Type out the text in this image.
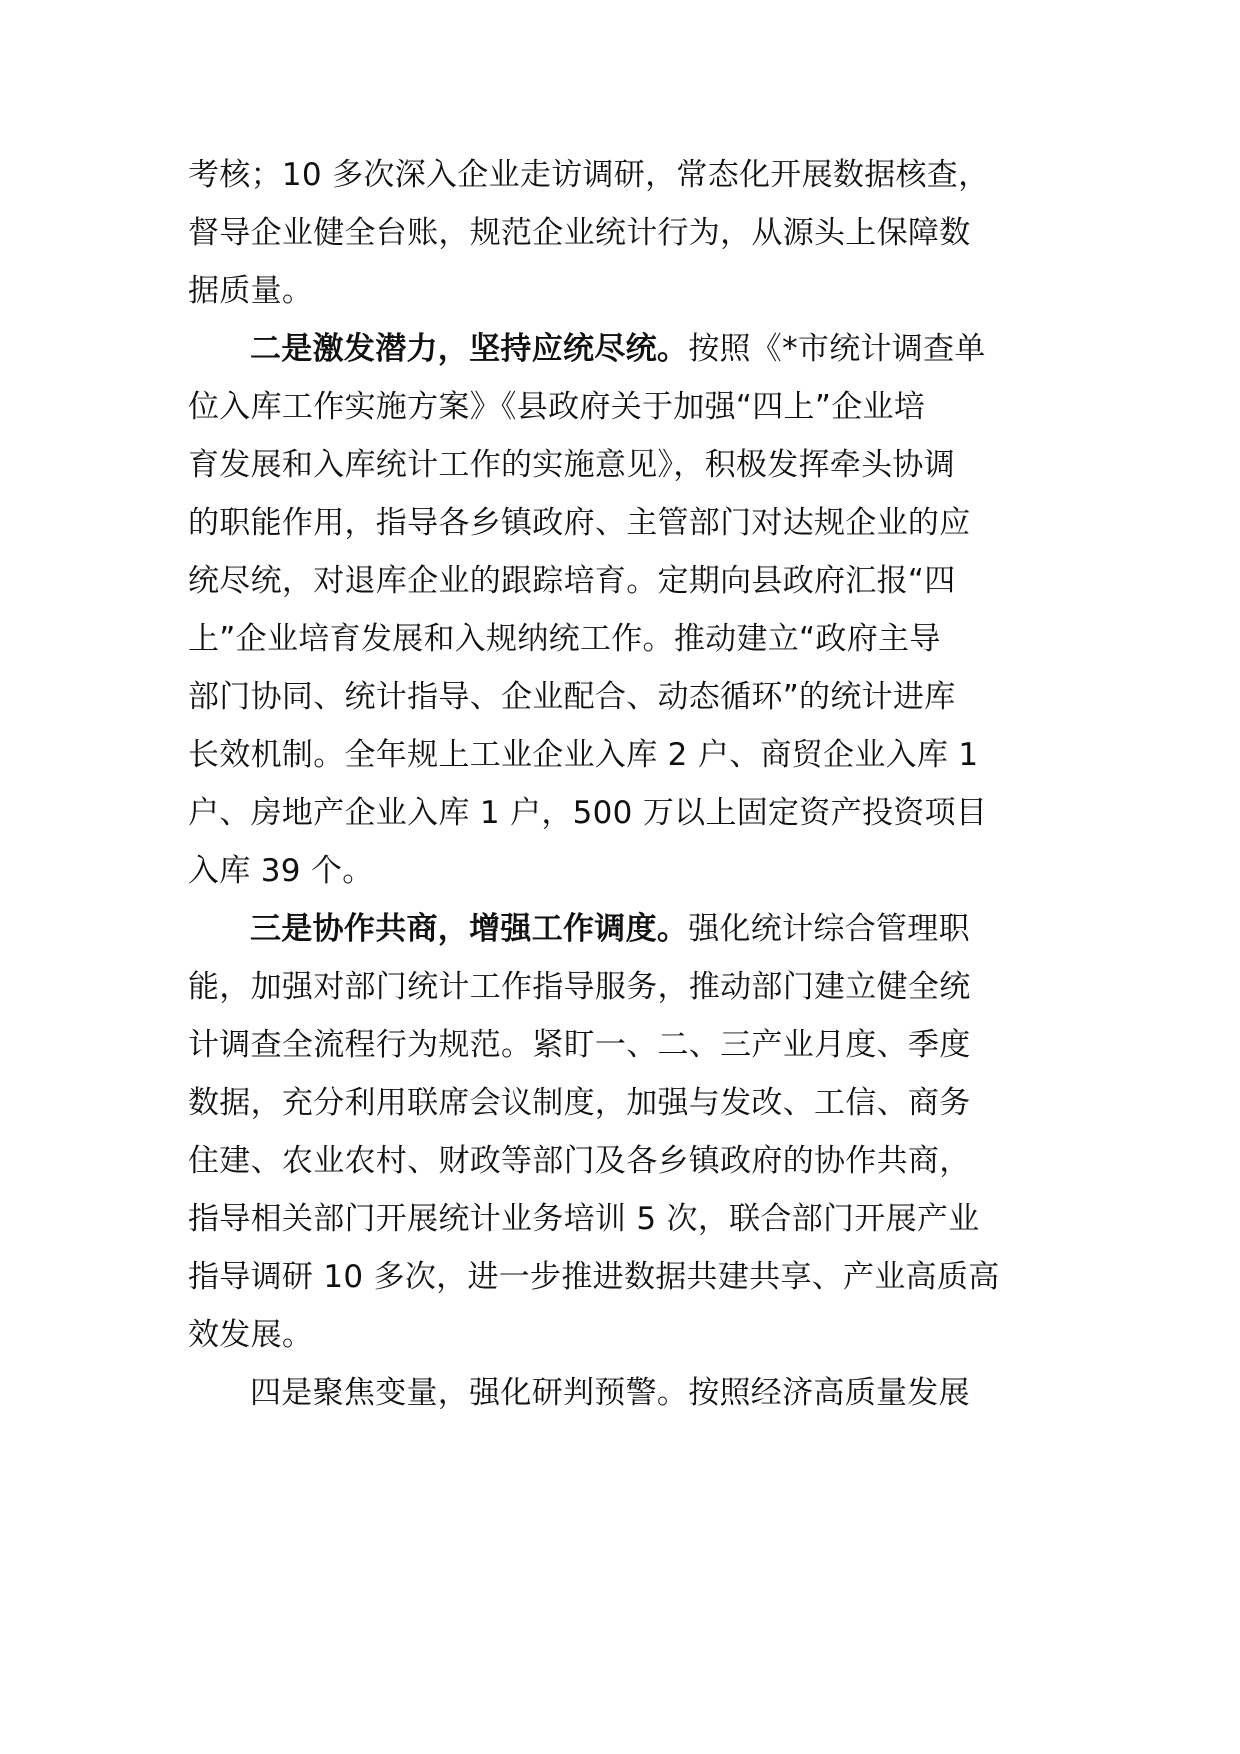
考核；10 多次深入企业走访调研，常态化开展数据核查，
督导企业健全台账，规范企业统计行为，从源头上保障数
据质量。
二是激发潜力，坚持应统尽统。按照《*市统计调查单
位入库工作实施方案》《县政府关于加强“四上”企业培
育发展和入库统计工作的实施意见》，积极发挥牵头协调
的职能作用，指导各乡镇政府、主管部门对达规企业的应
统尽统，对退库企业的跟踪培育。定期向县政府汇报“四
上”企业培育发展和入规纳统工作。推动建立“政府主导
部门协同、统计指导、企业配合、动态循环”的统计进库
长效机制。全年规上工业企业入库 2 户、商贸企业入库 1
户、房地产企业入库 1 户，500 万以上固定资产投资项目
入库 39 个。
三是协作共商，增强工作调度。强化统计综合管理职
能，加强对部门统计工作指导服务，推动部门建立健全统
计调查全流程行为规范。紧盯一、二、三产业月度、季度
数据，充分利用联席会议制度，加强与发改、工信、商务
住建、农业农村、财政等部门及各乡镇政府的协作共商，
指导相关部门开展统计业务培训 5 次，联合部门开展产业
指导调研 10 多次，进一步推进数据共建共享、产业高质高
效发展。
四是聚焦变量，强化研判预警。按照经济高质量发展
